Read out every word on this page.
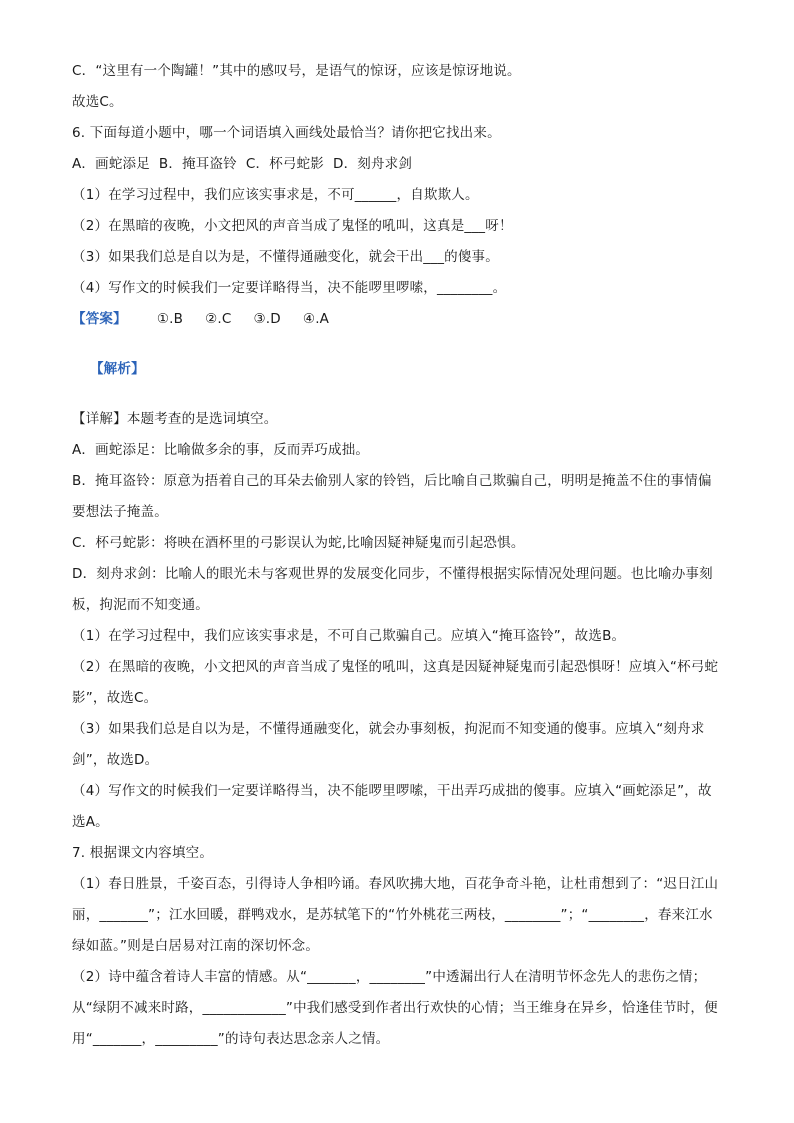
C．“这里有一个陶罐！”其中的感叹号，是语气的惊讶，应该是惊讶地说。
故选C。
6. 下面每道小题中，哪一个词语填入画线处最恰当？请你把它找出来。
A．画蛇添足  B．掩耳盗铃  C．杯弓蛇影  D．刻舟求剑
（1）在学习过程中，我们应该实事求是，不可______，自欺欺人。
（2）在黑暗的夜晚，小文把风的声音当成了鬼怪的吼叫，这真是___呀！
（3）如果我们总是自以为是，不懂得通融变化，就会干出___的傻事。
（4）写作文的时候我们一定要详略得当，决不能啰里啰嗦，________。
【答案】 ①.B ②.C ③.D ④.A

【解析】

【详解】本题考查的是选词填空。
A．画蛇添足：比喻做多余的事，反而弄巧成拙。
B．掩耳盗铃：原意为捂着自己的耳朵去偷别人家的铃铛，后比喻自己欺骗自己，明明是掩盖不住的事情偏要想法子掩盖。
C．杯弓蛇影：将映在酒杯里的弓影误认为蛇,比喻因疑神疑鬼而引起恐惧。
D．刻舟求剑：比喻人的眼光未与客观世界的发展变化同步，不懂得根据实际情况处理问题。也比喻办事刻板，拘泥而不知变通。
（1）在学习过程中，我们应该实事求是，不可自己欺骗自己。应填入“掩耳盗铃”，故选B。
（2）在黑暗的夜晚，小文把风的声音当成了鬼怪的吼叫，这真是因疑神疑鬼而引起恐惧呀！应填入“杯弓蛇影”，故选C。
（3）如果我们总是自以为是，不懂得通融变化，就会办事刻板，拘泥而不知变通的傻事。应填入“刻舟求剑”，故选D。
（4）写作文的时候我们一定要详略得当，决不能啰里啰嗦，干出弄巧成拙的傻事。应填入“画蛇添足”，故选A。
7. 根据课文内容填空。
（1）春日胜景，千姿百态，引得诗人争相吟诵。春风吹拂大地，百花争奇斗艳，让杜甫想到了：“迟日江山丽，_______”；江水回暖，群鸭戏水，是苏轼笔下的“竹外桃花三两枝，________”；“________，春来江水绿如蓝。”则是白居易对江南的深切怀念。
（2）诗中蕴含着诗人丰富的情感。从“_______，________”中透漏出行人在清明节怀念先人的悲伤之情；从“绿阴不减来时路，____________”中我们感受到作者出行欢快的心情；当王维身在异乡，恰逢佳节时，便用“_______，_________”的诗句表达思念亲人之情。
